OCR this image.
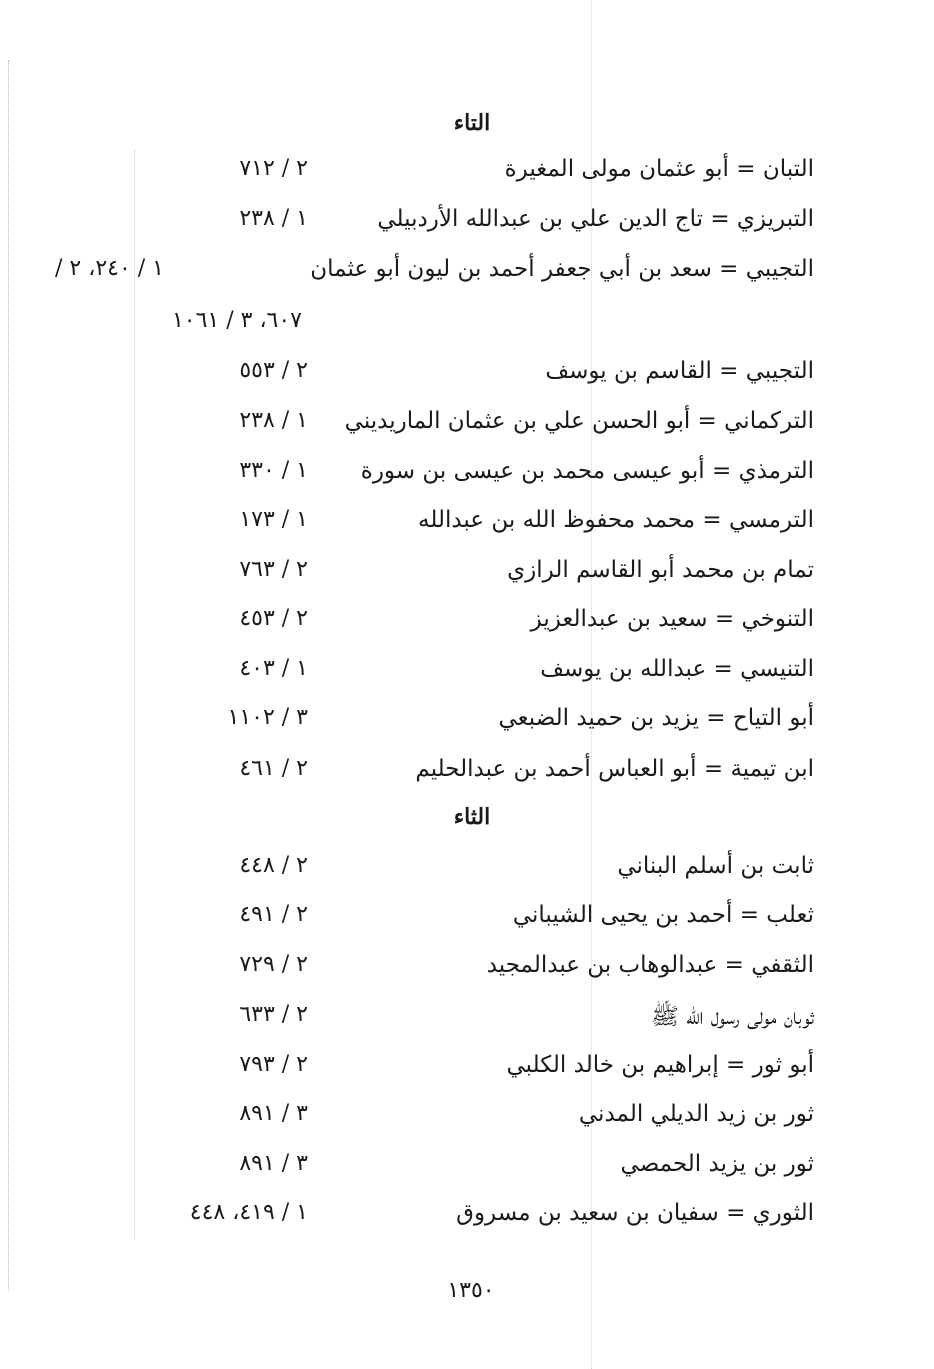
التاء
التبان = أبو عثمان مولى المغيرة
٢ / ٧١٢
التبريزي = تاج الدين علي بن عبدالله الأردبيلي
١ / ٢٣٨
التجيبي = سعد بن أبي جعفر أحمد بن ليون أبو عثمان
١ / ٢٤٠، ٢ /
٦٠٧، ٣ / ١٠٦١
التجيبي = القاسم بن يوسف
٢ / ٥٥٣
التركماني = أبو الحسن علي بن عثمان الماريديني
١ / ٢٣٨
الترمذي = أبو عيسى محمد بن عيسى بن سورة
١ / ٣٣٠
الترمسي = محمد محفوظ الله بن عبدالله
١ / ١٧٣
تمام بن محمد أبو القاسم الرازي
٢ / ٧٦٣
التنوخي = سعيد بن عبدالعزيز
٢ / ٤٥٣
التنيسي = عبدالله بن يوسف
١ / ٤٠٣
أبو التياح = يزيد بن حميد الضبعي
٣ / ١١٠٢
ابن تيمية = أبو العباس أحمد بن عبدالحليم
٢ / ٤٦١
الثاء
ثابت بن أسلم البناني
٢ / ٤٤٨
ثعلب = أحمد بن يحيى الشيباني
٢ / ٤٩١
الثقفي = عبدالوهاب بن عبدالمجيد
٢ / ٧٢٩
ثوبان مولى رسول الله ﷺ
٢ / ٦٣٣
أبو ثور = إبراهيم بن خالد الكلبي
٢ / ٧٩٣
ثور بن زيد الديلي المدني
٣ / ٨٩١
ثور بن يزيد الحمصي
٣ / ٨٩١
الثوري = سفيان بن سعيد بن مسروق
١ / ٤١٩، ٤٤٨
١٣٥٠
